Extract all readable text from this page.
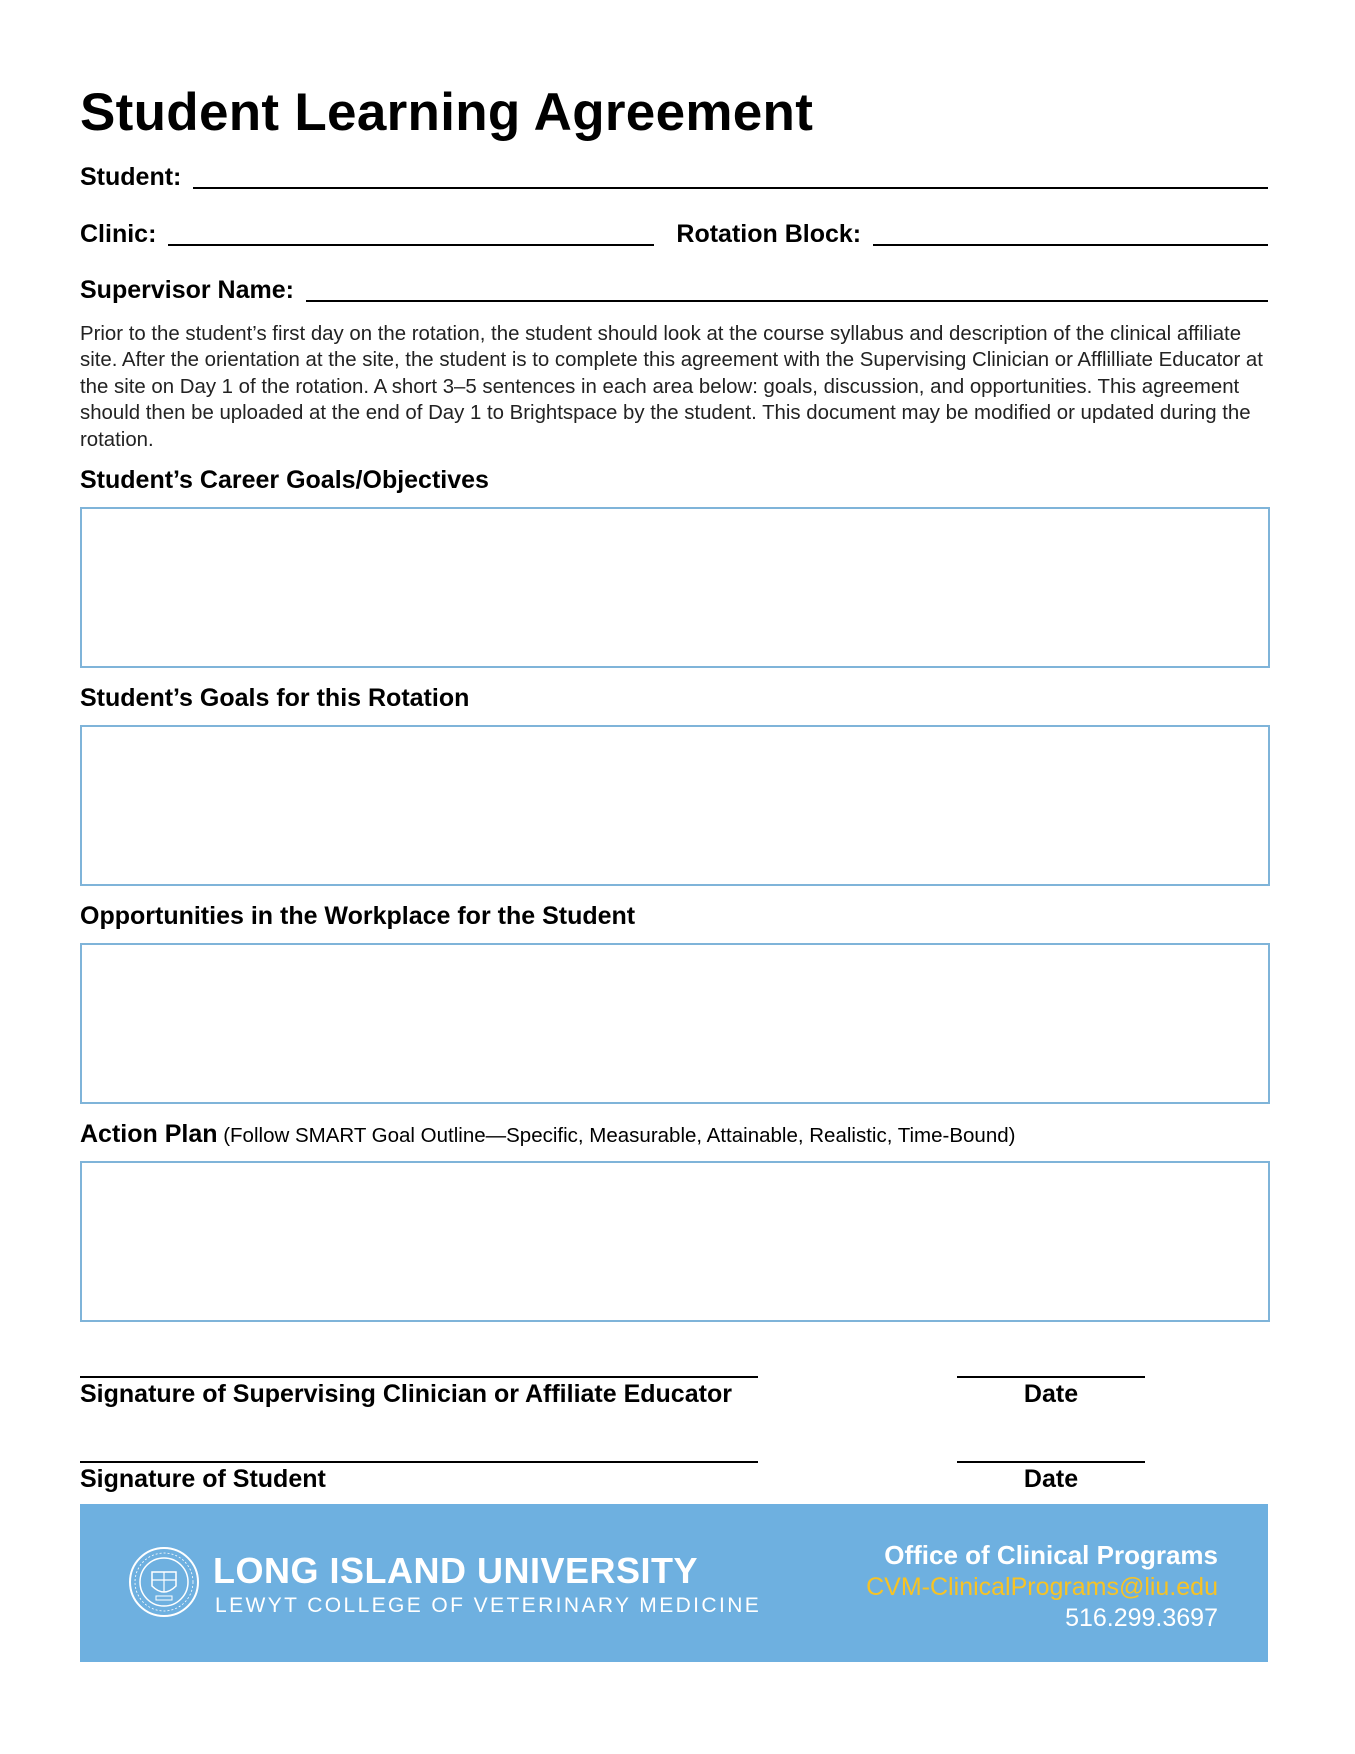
Student Learning Agreement
Student:
Clinic:	Rotation Block:
Supervisor Name:
Prior to the student’s first day on the rotation, the student should look at the course syllabus and description of the clinical affiliate site. After the orientation at the site, the student is to complete this agreement with the Supervising Clinician or Afflilliate Educator at the site on Day 1 of the rotation. A short 3–5 sentences in each area below: goals, discussion, and opportunities. This agreement should then be uploaded at the end of Day 1 to Brightspace by the student. This document may be modified or updated during the rotation.
Student’s Career Goals/Objectives
Student’s Goals for this Rotation
Opportunities in the Workplace for the Student
Action Plan (Follow SMART Goal Outline—Specific, Measurable, Attainable, Realistic, Time-Bound)
Signature of Supervising Clinician or Affiliate Educator	Date
Signature of Student	Date
LONG ISLAND UNIVERSITY
LEWYT COLLEGE OF VETERINARY MEDICINE
Office of Clinical Programs
CVM-ClinicalPrograms@liu.edu
516.299.3697
